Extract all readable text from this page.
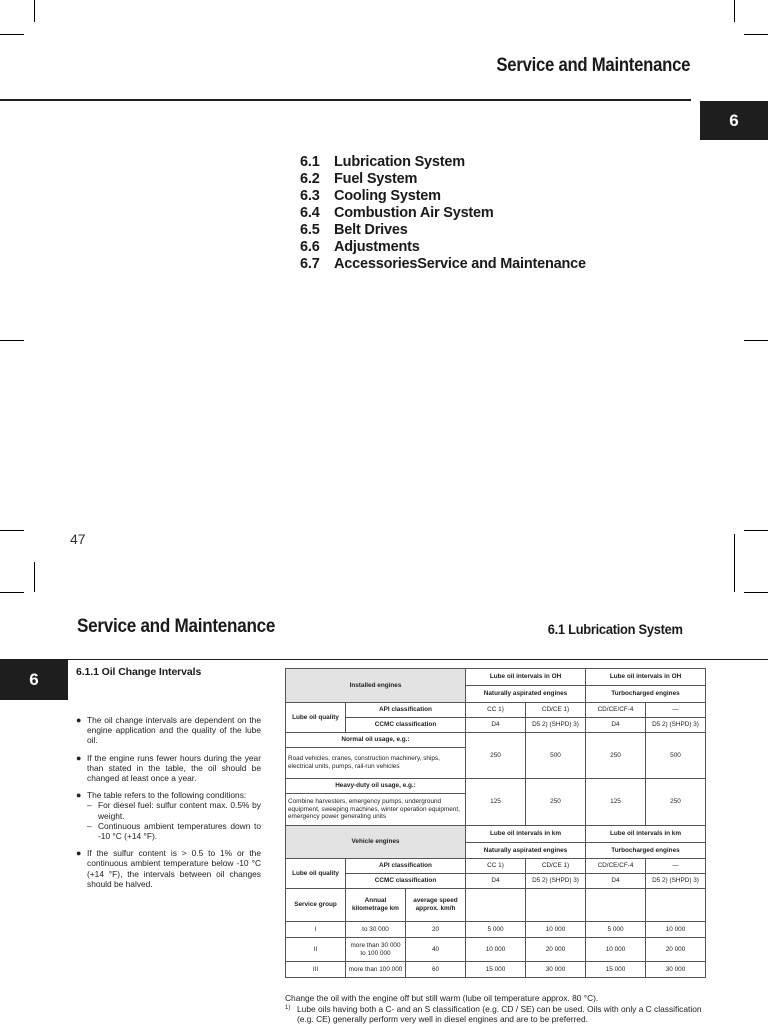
Service and Maintenance
6
6.1 Lubrication System
6.2 Fuel System
6.3 Cooling System
6.4 Combustion Air System
6.5 Belt Drives
6.6 Adjustments
6.7 AccessoriesService and Maintenance
47
Service and Maintenance	6.1 Lubrication System
6	6.1.1 Oil Change Intervals
● The oil change intervals are dependent on the engine application and the quality of the lube oil.
● If the engine runs fewer hours during the year than stated in the table, the oil should be changed at least once a year.
● The table refers to the following conditions:
– For diesel fuel: sulfur content max. 0.5% by weight.
– Continuous ambient temperatures down to -10 °C (+14 °F).
● If the sulfur content is > 0.5 to 1% or the continuous ambient temperature below -10 °C (+14 °F), the intervals between oil changes should be halved.
Installed engines			Lube oil intervals in OH		Lube oil intervals in OH	
			Naturally aspirated engines		Turbocharged engines	
Lube oil quality	API classification		CC 1)	CD/CE 1)	CD/CE/CF-4	—
	CCMC classification		D4	D5 2) (SHPD) 3)	D4	D5 2) (SHPD) 3)
Normal oil usage, e.g.:			250	500	250	500
Road vehicles, cranes, construction machinery, ships, electrical units, pumps, rail-run vehicles						
Heavy-duty oil usage, e.g.:			125	250	125	250
Combine harvesters, emergency pumps, underground equipment, sweeping machines, winter operation equipment, emergency power generating units						
Vehicle engines			Lube oil intervals in km		Lube oil intervals in km	
			Naturally aspirated engines		Turbocharged engines	
Lube oil quality	API classification		CC 1)	CD/CE 1)	CD/CE/CF-4	—
	CCMC classification		D4	D5 2) (SHPD) 3)	D4	D5 2) (SHPD) 3)
Service group	Annual kilometrage km	average speed approx. km/h				
I	to 30 000	20	5 000	10 000	5 000	10 000
II	more than 30 000 to 100 000	40	10 000	20 000	10 000	20 000
III	more than 100 000	60	15 000	30 000	15 000	30 000
Change the oil with the engine off but still warm (lube oil temperature approx. 80 °C).
1) Lube oils having both a C- and an S classification (e.g. CD / SE) can be used. Oils with only a C classification (e.g. CE) generally perform very well in diesel engines and are to be preferred.
